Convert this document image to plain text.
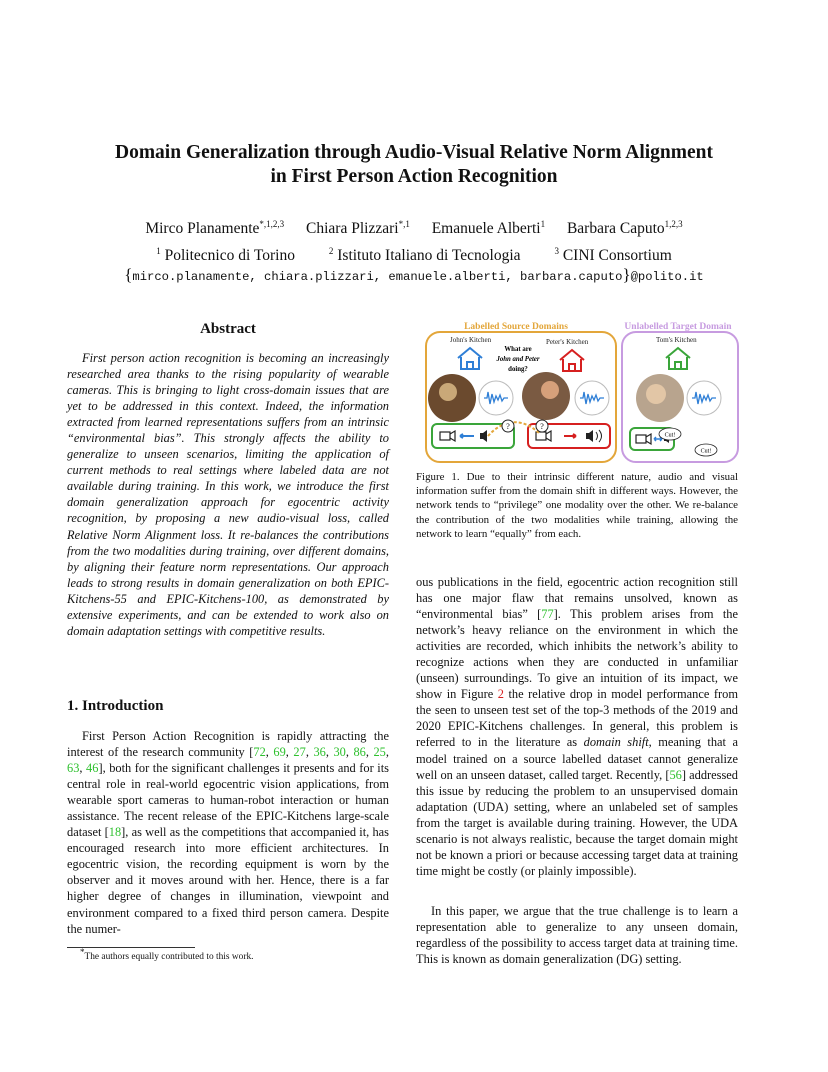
Domain Generalization through Audio-Visual Relative Norm Alignment
in First Person Action Recognition
Mirco Planamente$^{*,1,2,3}$ Chiara Plizzari$^{*,1}$ Emanuele Alberti$^1$ Barbara Caputo$^{1,2,3}$
$^1$ Politecnico di Torino	$^2$ Istituto Italiano di Tecnologia	$^3$ CINI Consortium
{mirco.planamente, chiara.plizzari, emanuele.alberti, barbara.caputo}@polito.it
Abstract
First person action recognition is becoming an increasingly researched area thanks to the rising popularity of wearable cameras. This is bringing to light cross-domain issues that are yet to be addressed in this context. Indeed, the information extracted from learned representations suffers from an intrinsic “environmental bias”. This strongly affects the ability to generalize to unseen scenarios, limiting the application of current methods to real settings where labeled data are not available during training. In this work, we introduce the first domain generalization approach for egocentric activity recognition, by proposing a new audio-visual loss, called Relative Norm Alignment loss. It re-balances the contributions from the two modalities during training, over different domains, by aligning their feature norm representations. Our approach leads to strong results in domain generalization on both EPIC-Kitchens-55 and EPIC-Kitchens-100, as demonstrated by extensive experiments, and can be extended to work also on domain adaptation settings with competitive results.
1. Introduction
First Person Action Recognition is rapidly attracting the interest of the research community [72, 69, 27, 36, 30, 86, 25, 63, 46], both for the significant challenges it presents and for its central role in real-world egocentric vision applications, from wearable sport cameras to human-robot interaction or human assistance. The recent release of the EPIC-Kitchens large-scale dataset [18], as well as the competitions that accompanied it, has encouraged research into more efficient architectures. In egocentric vision, the recording equipment is worn by the observer and it moves around with her. Hence, there is a far higher degree of changes in illumination, viewpoint and environment compared to a fixed third person camera. Despite the numer-
*The authors equally contributed to this work.
Labelled Source Domains	Unlabelled Target Domain
John's Kitchen	Peter's Kitchen	Tom's Kitchen
What are
John and Peter
doing?
?	?
Cut!
Cut!
Figure 1. Due to their intrinsic different nature, audio and visual information suffer from the domain shift in different ways. However, the network tends to “privilege” one modality over the other. We re-balance the contribution of the two modalities while training, allowing the network to learn “equally” from each.
ous publications in the field, egocentric action recognition still has one major flaw that remains unsolved, known as “environmental bias” [77]. This problem arises from the network’s heavy reliance on the environment in which the activities are recorded, which inhibits the network’s ability to recognize actions when they are conducted in unfamiliar (unseen) surroundings. To give an intuition of its impact, we show in Figure 2 the relative drop in model performance from the seen to unseen test set of the top-3 methods of the 2019 and 2020 EPIC-Kitchens challenges. In general, this problem is referred to in the literature as domain shift, meaning that a model trained on a source labelled dataset cannot generalize well on an unseen dataset, called target. Recently, [56] addressed this issue by reducing the problem to an unsupervised domain adaptation (UDA) setting, where an unlabeled set of samples from the target is available during training. However, the UDA scenario is not always realistic, because the target domain might not be known a priori or because accessing target data at training time might be costly (or plainly impossible).
In this paper, we argue that the true challenge is to learn a representation able to generalize to any unseen domain, regardless of the possibility to access target data at training time. This is known as domain generalization (DG) setting.
